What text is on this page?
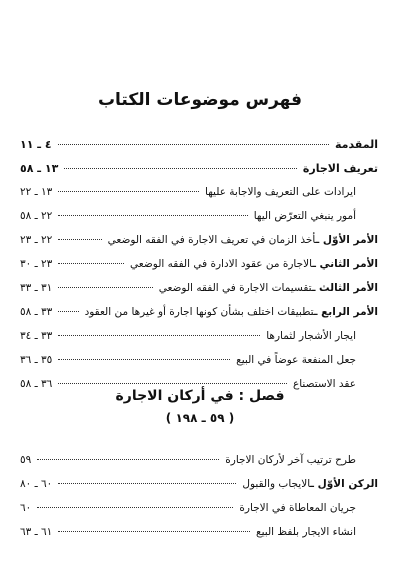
فهرس موضوعات الكتاب
المقدمة
٤ ـ ١١
تعريف الاجارة
١٣ ـ ٥٨
ايرادات على التعريف والاجابة عليها
١٣ ـ ٢٢
أمور ينبغي التعرّض اليها
٢٢ ـ ٥٨
الأمر الأوّل ـأخذ الزمان في تعريف الاجارة في الفقه الوضعي
٢٢ ـ ٢٣
الأمر الثاني ـالاجارة من عقود الادارة في الفقه الوضعي
٢٣ ـ ٣٠
الأمر الثالث ـتقسيمات الاجارة في الفقه الوضعي
٣١ ـ ٣٣
الأمر الرابع ـتطبيقات اختلف بشأن كونها اجارة أو غيرها من العقود
٣٣ ـ ٥٨
ايجار الأشجار لثمارها
٣٣ ـ ٣٤
جعل المنفعة عوضاً في البيع
٣٥ ـ ٣٦
عقد الاستصناع
٣٦ ـ ٥٨
فصل : في أركان الاجارة
( ٥٩ ـ ١٩٨ )
طرح ترتيب آخر لأركان الاجارة
٥٩
الركن الأوّل ـالايجاب والقبول
٦٠ ـ ٨٠
جريان المعاطاة في الاجارة
٦٠
انشاء الايجار بلفظ البيع
٦١ ـ ٦٣
